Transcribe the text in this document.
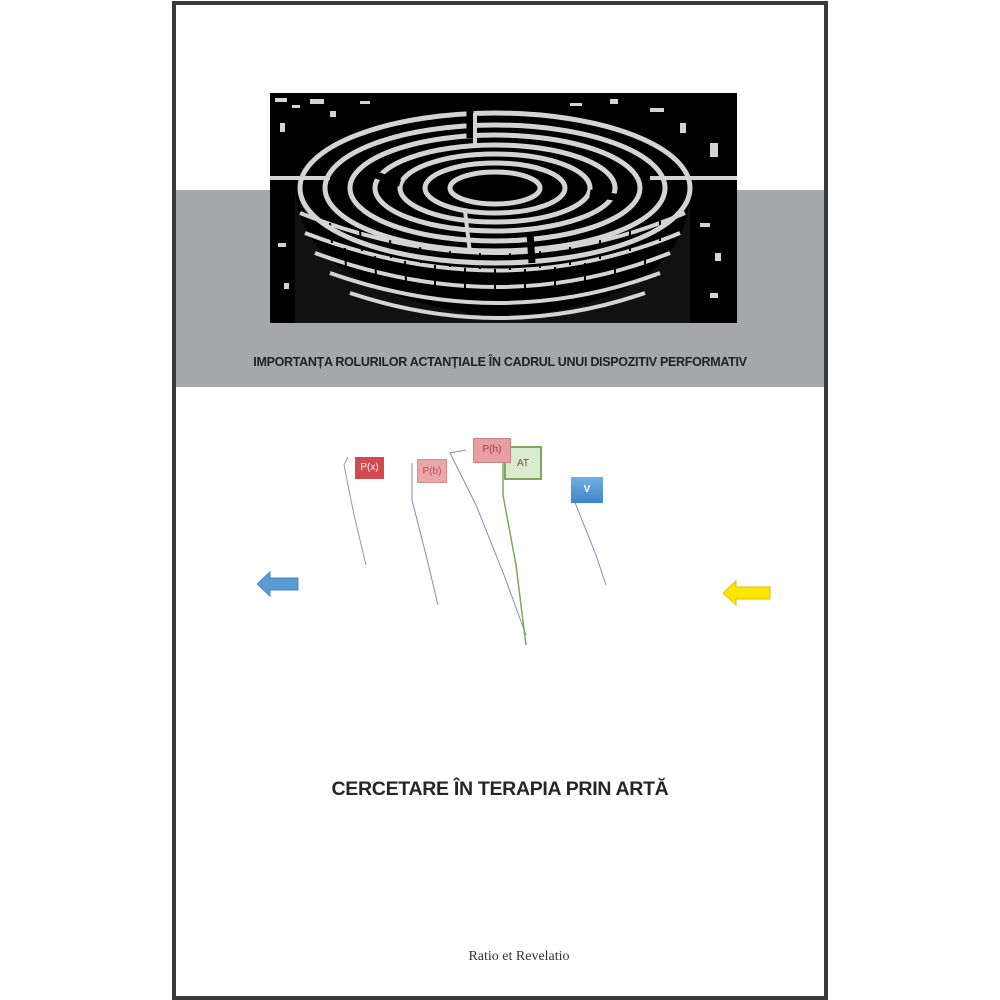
IMPORTANȚA ROLURILOR ACTANȚIALE ÎN CADRUL UNUI DISPOZITIV PERFORMATIV
P(x)	P(b)
AT
P(h)
V
CERCETARE ÎN TERAPIA PRIN ARTĂ
Ratio et Revelatio
